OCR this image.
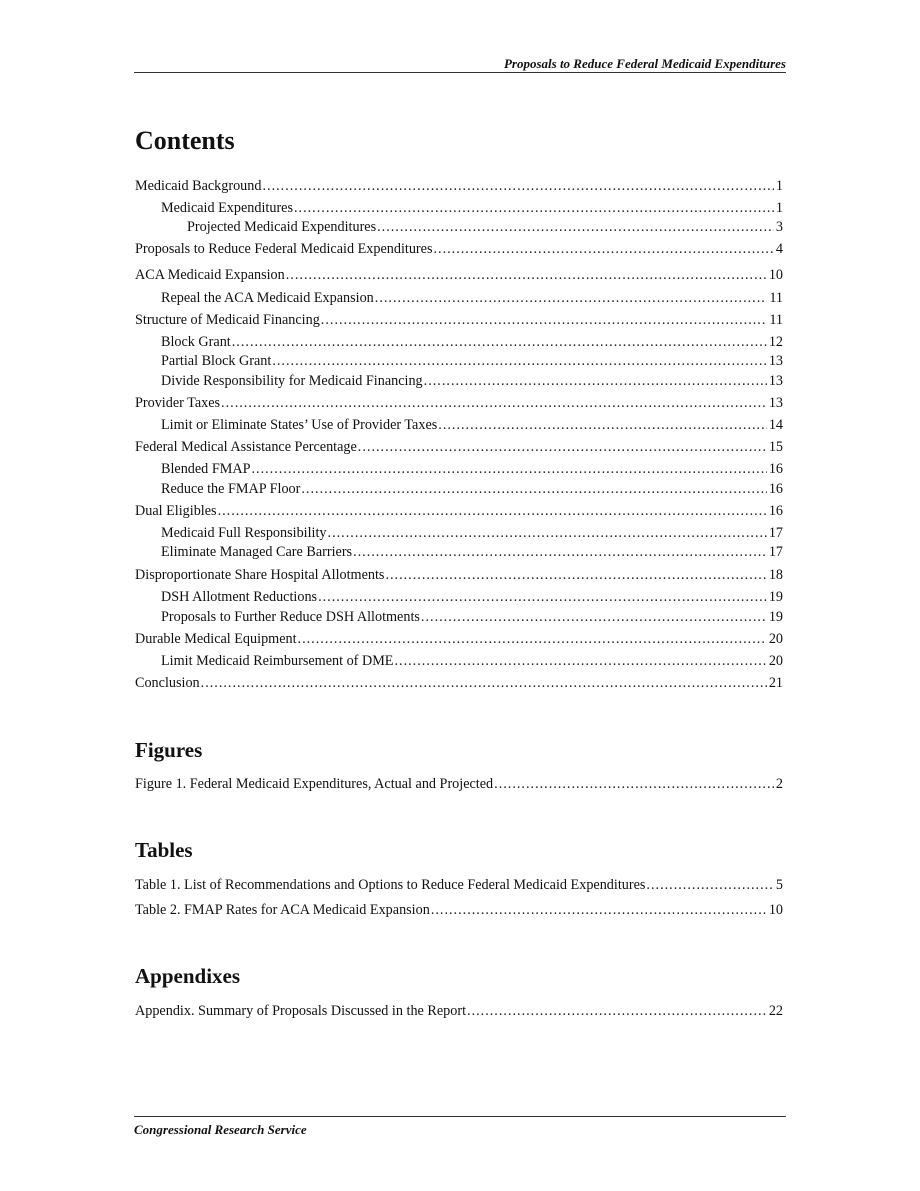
Proposals to Reduce Federal Medicaid Expenditures
Contents
Medicaid Background .....	1
Medicaid Expenditures .....	1
Projected Medicaid Expenditures .....	3
Proposals to Reduce Federal Medicaid Expenditures .....	4
ACA Medicaid Expansion .....	10
Repeal the ACA Medicaid Expansion .....	11
Structure of Medicaid Financing .....	11
Block Grant .....	12
Partial Block Grant .....	13
Divide Responsibility for Medicaid Financing .....	13
Provider Taxes .....	13
Limit or Eliminate States’ Use of Provider Taxes .....	14
Federal Medical Assistance Percentage .....	15
Blended FMAP .....	16
Reduce the FMAP Floor .....	16
Dual Eligibles .....	16
Medicaid Full Responsibility .....	17
Eliminate Managed Care Barriers .....	17
Disproportionate Share Hospital Allotments .....	18
DSH Allotment Reductions .....	19
Proposals to Further Reduce DSH Allotments .....	19
Durable Medical Equipment .....	20
Limit Medicaid Reimbursement of DME .....	20
Conclusion .....	21
Figures
Figure 1. Federal Medicaid Expenditures, Actual and Projected .....	2
Tables
Table 1. List of Recommendations and Options to Reduce Federal Medicaid Expenditures .....	5
Table 2. FMAP Rates for ACA Medicaid Expansion .....	10
Appendixes
Appendix. Summary of Proposals Discussed in the Report .....	22
Congressional Research Service
